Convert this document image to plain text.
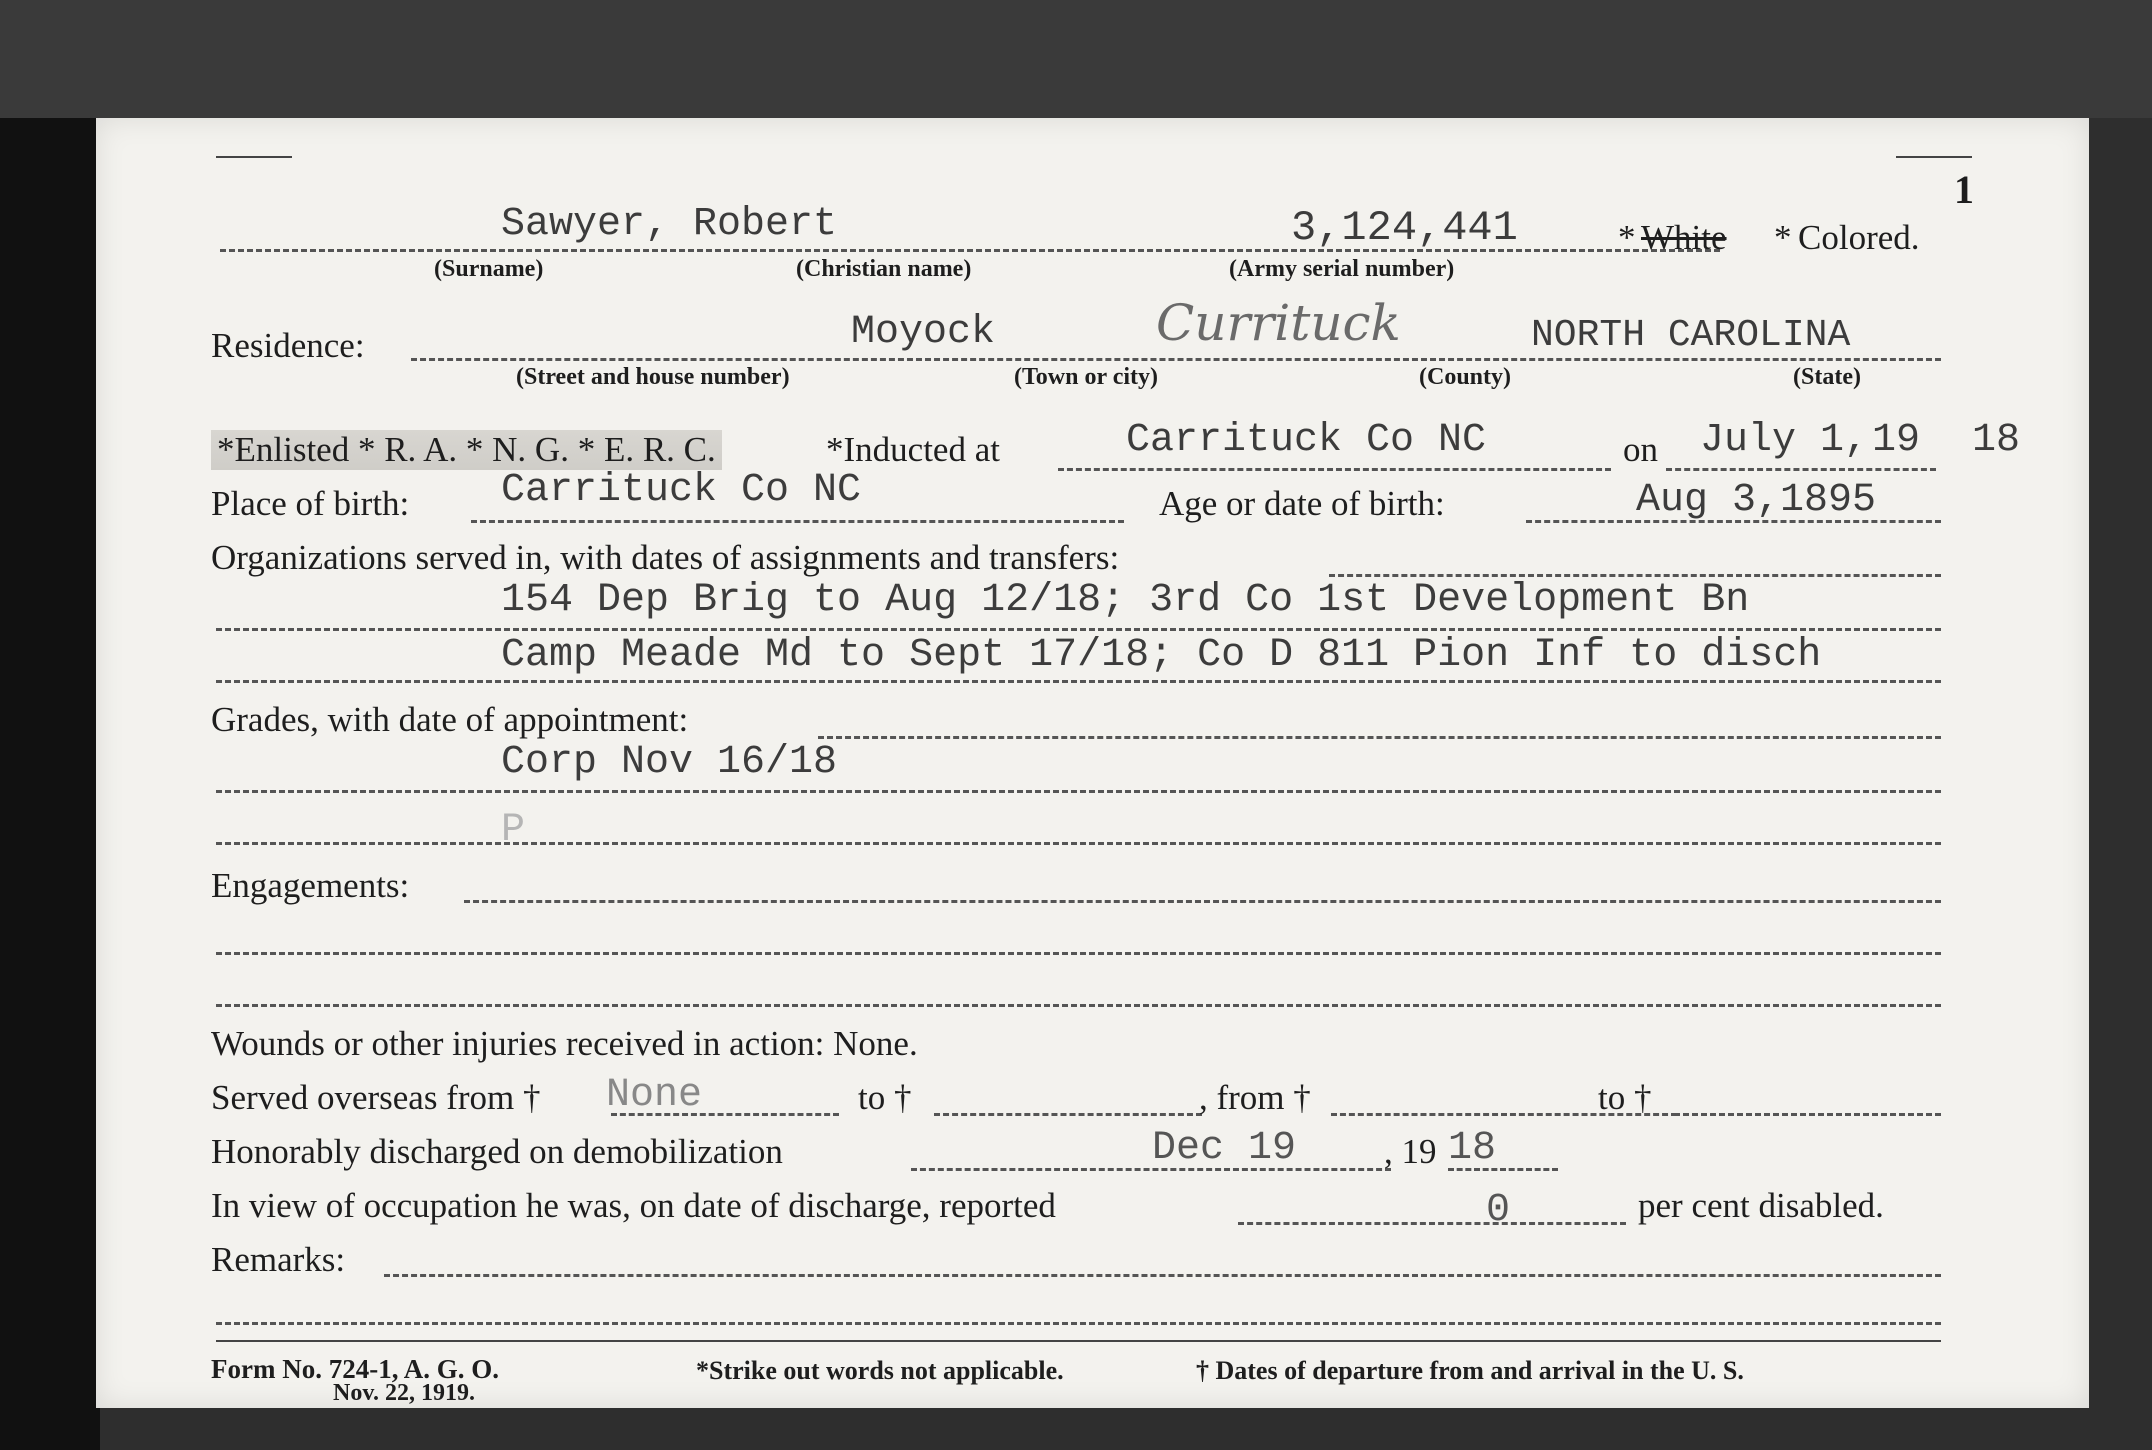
1
Sawyer, Robert	3,124,441	* White * Colored.
(Surname)	(Christian name)	(Army serial number)
Residence:	Moyock	Currituck	NORTH CAROLINA
(Street and house number)	(Town or city)	(County)	(State)
*Enlisted * R. A. * N. G. * E. R. C.	*Inducted at	Carrituck Co NC	on July 1, 19 18
Place of birth: Carrituck Co NC	Age or date of birth:	Aug 3,1895
Organizations served in, with dates of assignments and transfers:
154 Dep Brig to Aug 12/18; 3rd Co 1st Development Bn
Camp Meade Md to Sept 17/18; Co D 811 Pion Inf to disch
Grades, with date of appointment:
Corp Nov 16/18
P
Engagements:
Wounds or other injuries received in action: None.
Served overseas from † None	to †	, from †	to †
Honorably discharged on demobilization	Dec 19	, 19 18
In view of occupation he was, on date of discharge, reported	0	per cent disabled.
Remarks:
Form No. 724-1, A. G. O.
Nov. 22, 1919.
*Strike out words not applicable.	† Dates of departure from and arrival in the U. S.
